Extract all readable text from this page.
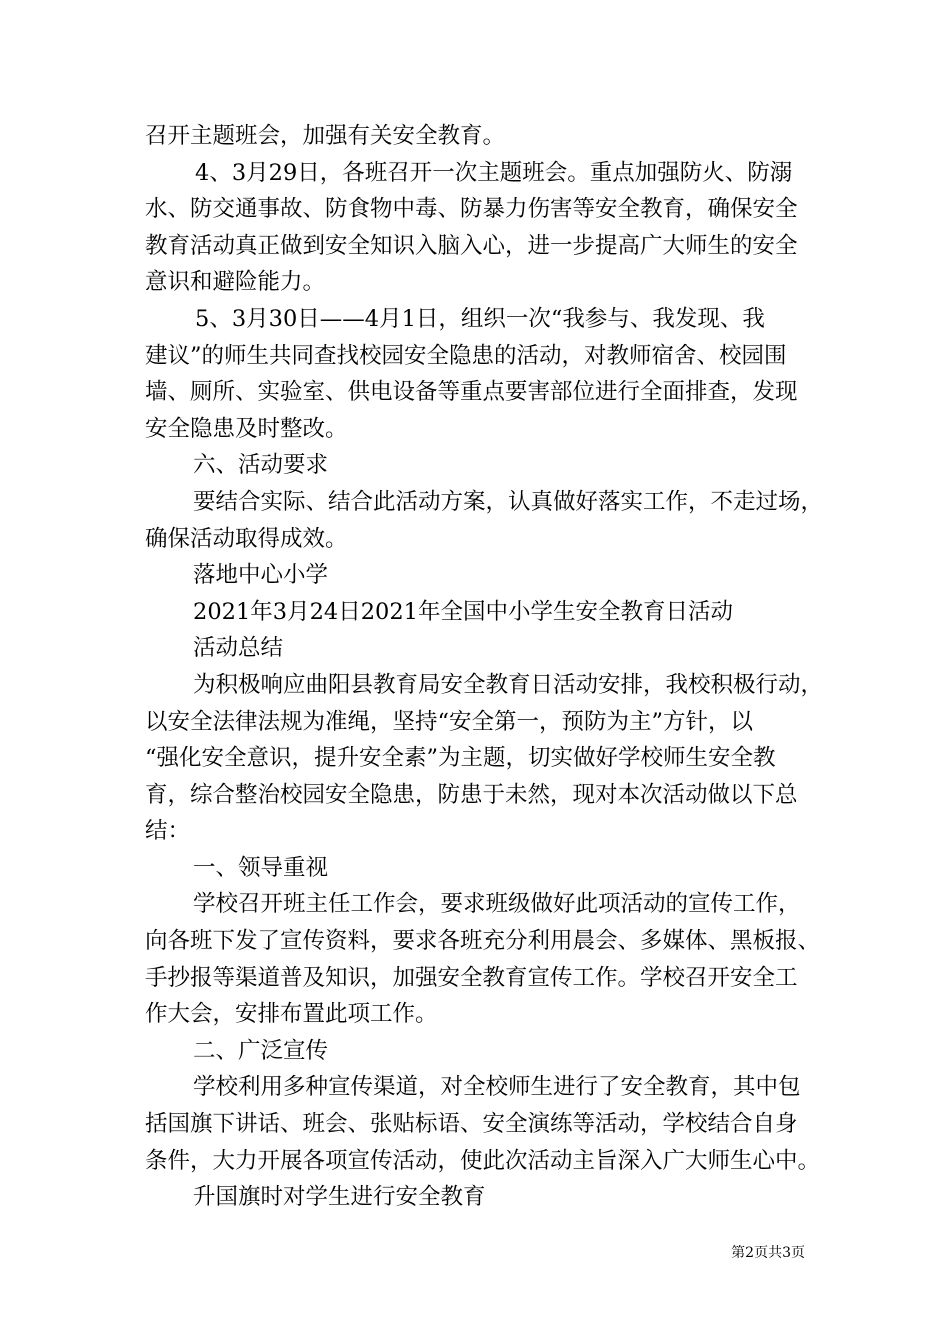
召开主题班会，加强有关安全教育。
4、3月29日，各班召开一次主题班会。重点加强防火、防溺
水、防交通事故、防食物中毒、防暴力伤害等安全教育，确保安全
教育活动真正做到安全知识入脑入心，进一步提高广大师生的安全
意识和避险能力。
5、3月30日——4月1日，组织一次“我参与、我发现、我
建议”的师生共同查找校园安全隐患的活动，对教师宿舍、校园围
墙、厕所、实验室、供电设备等重点要害部位进行全面排查，发现
安全隐患及时整改。
六、活动要求
要结合实际、结合此活动方案，认真做好落实工作，不走过场，
确保活动取得成效。
落地中心小学
2021年3月24日2021年全国中小学生安全教育日活动
活动总结
为积极响应曲阳县教育局安全教育日活动安排，我校积极行动，
以安全法律法规为准绳，坚持“安全第一，预防为主”方针，以
“强化安全意识，提升安全素”为主题，切实做好学校师生安全教
育，综合整治校园安全隐患，防患于未然，现对本次活动做以下总
结：
一、领导重视
学校召开班主任工作会，要求班级做好此项活动的宣传工作，
向各班下发了宣传资料，要求各班充分利用晨会、多媒体、黑板报、
手抄报等渠道普及知识，加强安全教育宣传工作。学校召开安全工
作大会，安排布置此项工作。
二、广泛宣传
学校利用多种宣传渠道，对全校师生进行了安全教育，其中包
括国旗下讲话、班会、张贴标语、安全演练等活动，学校结合自身
条件，大力开展各项宣传活动，使此次活动主旨深入广大师生心中。
升国旗时对学生进行安全教育
第2页共3页
